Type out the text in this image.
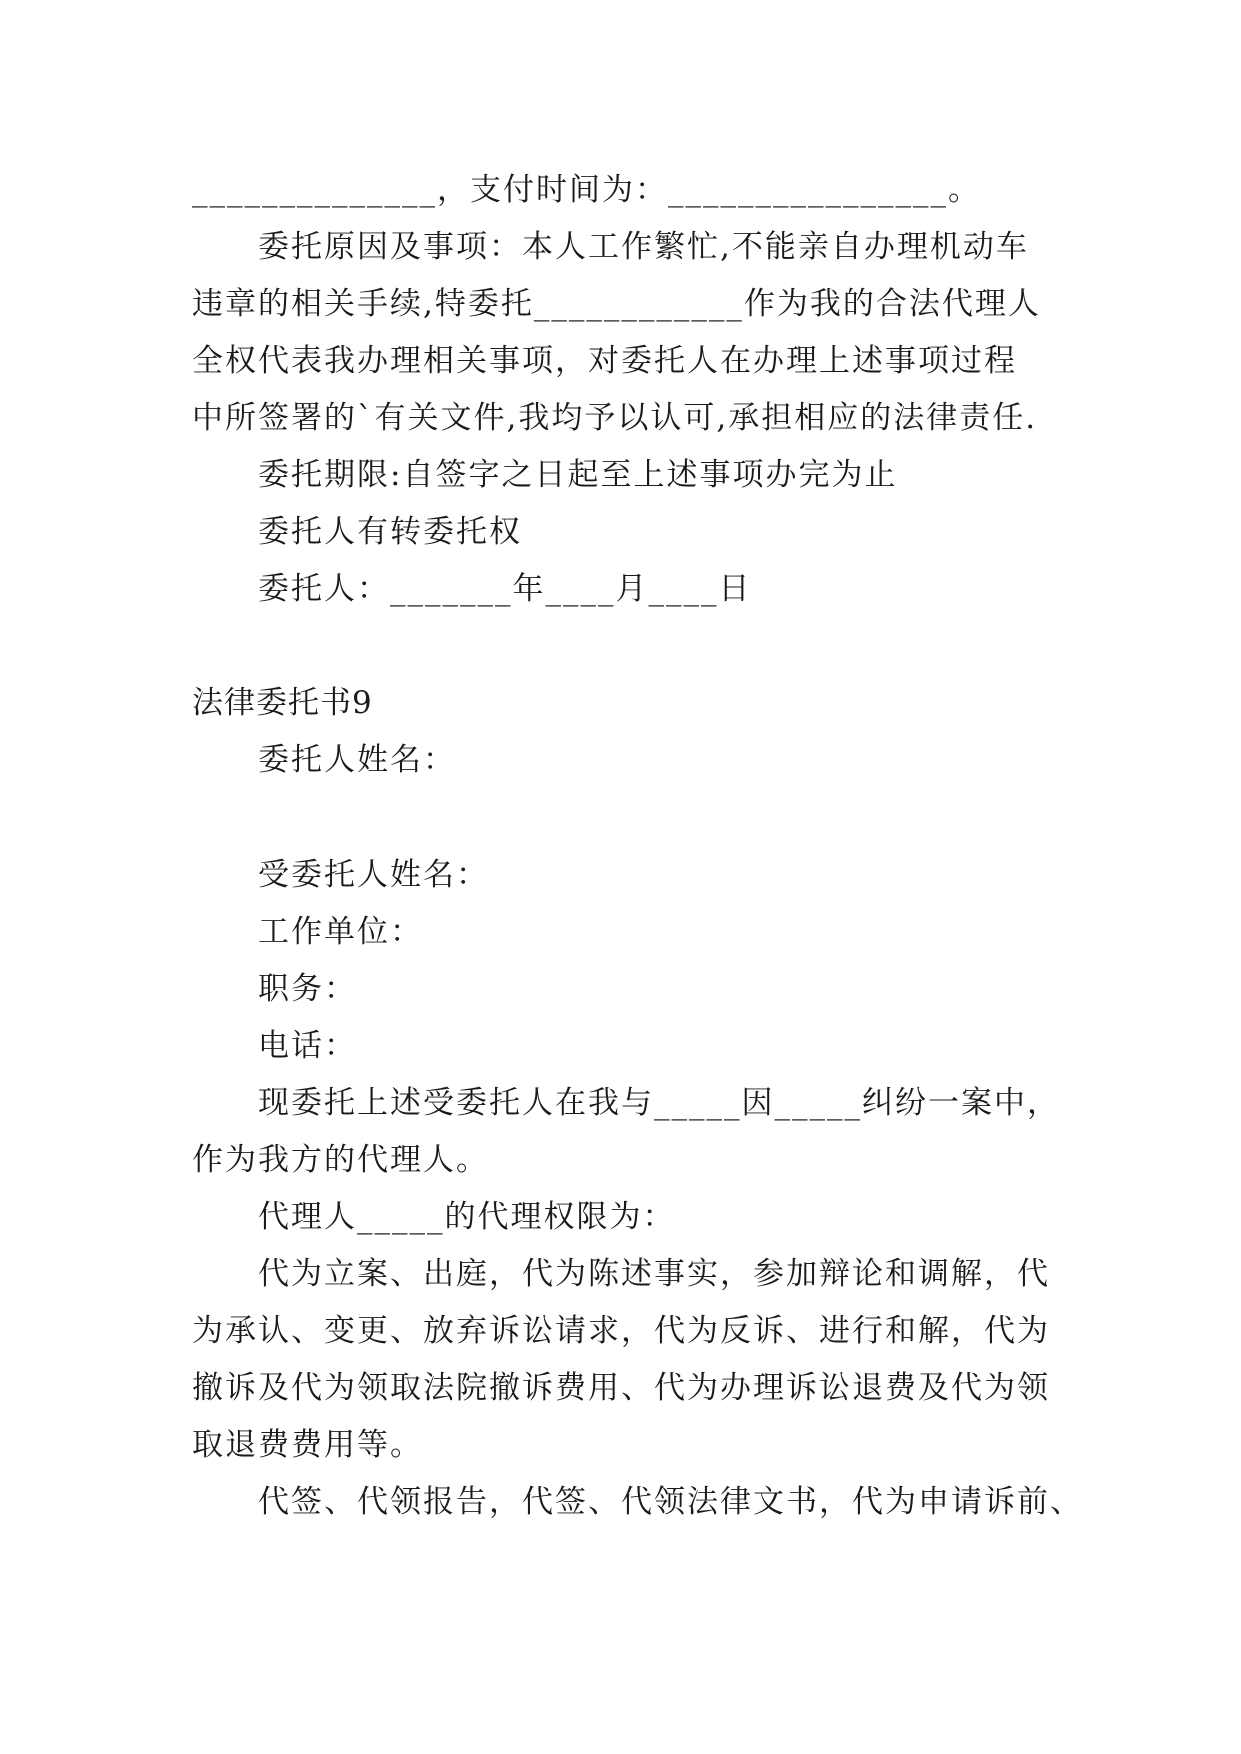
______________，支付时间为：________________。
委托原因及事项：本人工作繁忙,不能亲自办理机动车
违章的相关手续,特委托____________作为我的合法代理人
全权代表我办理相关事项，对委托人在办理上述事项过程
中所签署的`有关文件,我均予以认可,承担相应的法律责任.
委托期限:自签字之日起至上述事项办完为止
委托人有转委托权
委托人：_______年____月____日
法律委托书9
委托人姓名：
受委托人姓名：
工作单位：
职务：
电话：
现委托上述受委托人在我与_____因_____纠纷一案中，
作为我方的代理人。
代理人_____的代理权限为：
代为立案、出庭，代为陈述事实，参加辩论和调解，代
为承认、变更、放弃诉讼请求，代为反诉、进行和解，代为
撤诉及代为领取法院撤诉费用、代为办理诉讼退费及代为领
取退费费用等。
代签、代领报告，代签、代领法律文书，代为申请诉前、
